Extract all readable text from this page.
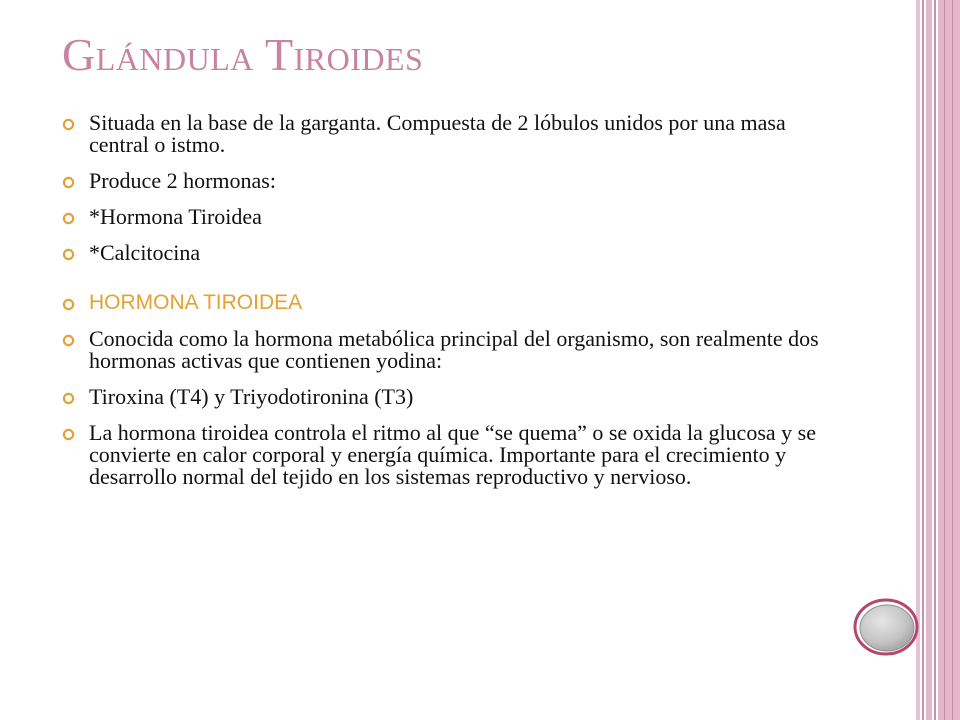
Glándula Tiroides
Situada en la base de la garganta. Compuesta de 2 lóbulos unidos por una masa central o istmo.
Produce 2 hormonas:
*Hormona Tiroidea
*Calcitocina
HORMONA TIROIDEA
Conocida como la hormona metabólica principal del organismo, son realmente dos hormonas activas que contienen yodina:
Tiroxina (T4) y Triyodotironina (T3)
La hormona tiroidea controla el ritmo al que “se quema” o se oxida la glucosa y se convierte en calor corporal y energía química. Importante para el crecimiento y desarrollo normal del tejido en los sistemas reproductivo y nervioso.
